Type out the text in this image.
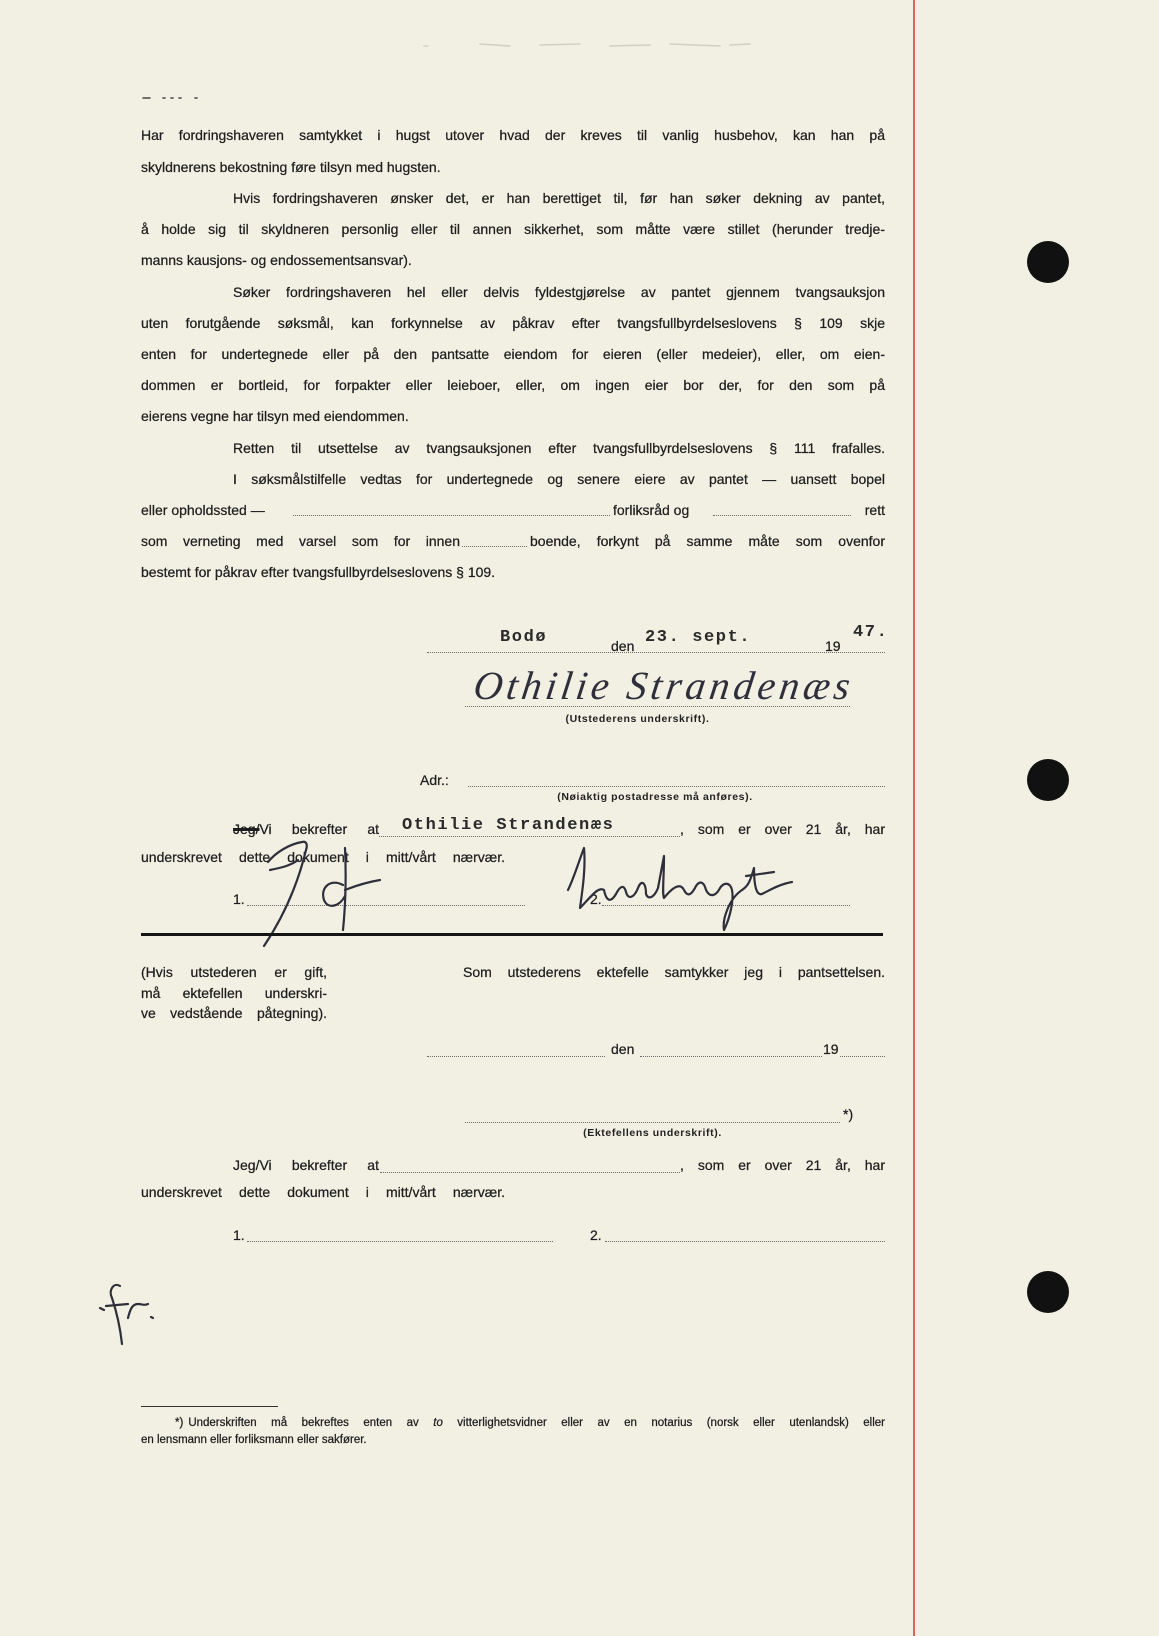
Har fordringshaveren samtykket i hugst utover hvad der kreves til vanlig husbehov, kan han på
skyldnerens bekostning føre tilsyn med hugsten.
Hvis fordringshaveren ønsker det, er han berettiget til, før han søker dekning av pantet,
å holde sig til skyldneren personlig eller til annen sikkerhet, som måtte være stillet (herunder tredje-
manns kausjons- og endossementsansvar).
Søker fordringshaveren hel eller delvis fyldestgjørelse av pantet gjennem tvangsauksjon
uten forutgående søksmål, kan forkynnelse av påkrav efter tvangsfullbyrdelseslovens § 109 skje
enten for undertegnede eller på den pantsatte eiendom for eieren (eller medeier), eller, om eien-
dommen er bortleid, for forpakter eller leieboer, eller, om ingen eier bor der, for den som på
eierens vegne har tilsyn med eiendommen.
Retten til utsettelse av tvangsauksjonen efter tvangsfullbyrdelseslovens § 111 frafalles.
I søksmålstilfelle vedtas for undertegnede og senere eiere av pantet — uansett bopel
eller opholdssted —	forliksråd og	rett
som verneting med varsel som for innen	boende, forkynt på samme måte som ovenfor
bestemt for påkrav efter tvangsfullbyrdelseslovens § 109.
Bodø	den 23. sept.	19
47.
Othilie Strandenæs
(Utstederens underskrift).
Adr.:
(Nøiaktig postadresse må anføres).
Jeg/Vi bekrefter at Othilie Strandenæs	, som er over 21 år, har
underskrevet dette dokument i mitt/vårt nærvær.
1.	2.
(Hvis utstederen er gift,
må ektefellen underskri-
ve vedstående påtegning).
Som utstederens ektefelle samtykker jeg i pantsettelsen.
den	19
*)
(Ektefellens underskrift).
Jeg/Vi bekrefter at	, som er over 21 år, har
underskrevet dette dokument i mitt/vårt nærvær.
1.	2.
*) Underskriften må bekreftes enten av to vitterlighetsvidner eller av en notarius (norsk eller utenlandsk) eller
en lensmann eller forliksmann eller sakfører.
